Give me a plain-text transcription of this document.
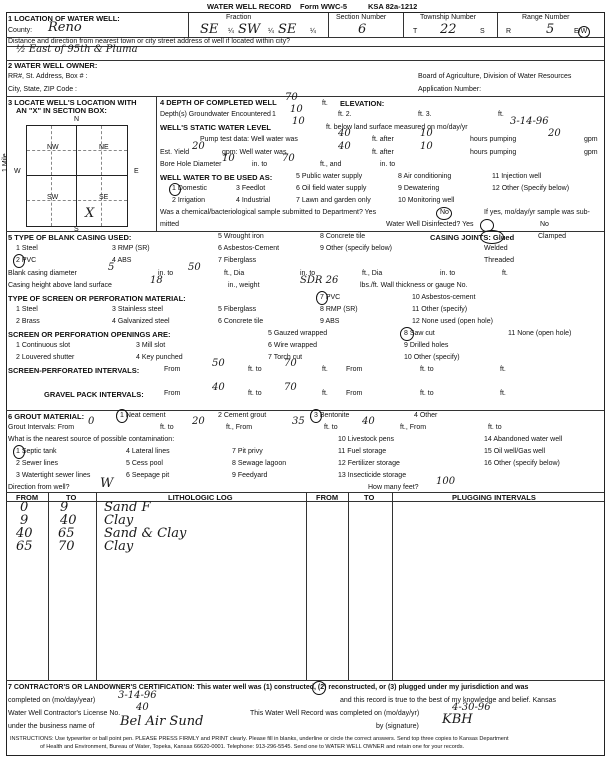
WATER WELL RECORD Form WWC-5	KSA 82a-1212
1 LOCATION OF WATER WELL:
County: Reno
Fraction
SE ¼ SW ¼ SE ¼
Section Number
6
Township Number
T 22	S
Range Number
R	5	E/W
Distance and direction from nearest town or city street address of well if located within city?
½ East of 95th & Pluma
2 WATER WELL OWNER:
RR#, St. Address, Box # :	Board of Agriculture, Division of Water Resources
City, State, ZIP Code :	Application Number:
3 LOCATE WELL'S LOCATION WITH
AN "X" IN SECTION BOX:
N
S
W	E
1 Mile
NW	NE
SW	SE
X
4 DEPTH OF COMPLETED WELL 70
ft. ELEVATION:
Depth(s) Groundwater Encountered 1 10	ft. 2.	ft. 3.	ft.
WELL'S STATIC WATER LEVEL
10
ft. below land surface measured on mo/day/yr
3-14-96
Pump test data: Well water was
40
ft. after
10
hours pumping
20
gpm
Est. Yield
20
gpm: Well water was
40
ft. after
10
hours pumping	gpm
Bore Hole Diameter
10
in. to
70
ft., and	in. to
WELL WATER TO BE USED AS:
1 Domestic
2 Irrigation
3 Feedlot
4 Industrial
5 Public water supply
6 Oil field water supply
7 Lawn and garden only
8 Air conditioning
9 Dewatering
10 Monitoring well
11 Injection well
12 Other (Specify below)
Was a chemical/bacteriological sample submitted to Department? Yes	No	If yes, mo/day/yr sample was sub-
mitted	Water Well Disinfected? Yes	No
5 TYPE OF BLANK CASING USED:
1 Steel
2 PVC
3 RMP (SR)
4 ABS
5 Wrought iron
6 Asbestos-Cement
7 Fiberglass
8 Concrete tile
9 Other (specify below)
CASING JOINTS: Glued	Clamped
Welded
Threaded
Blank casing diameter
5
in. to
50
ft., Dia	in. to	ft., Dia	in. to	ft.
Casing height above land surface	18	in., weight	SDR 26	lbs./ft. Wall thickness or gauge No.
TYPE OF SCREEN OR PERFORATION MATERIAL:
1 Steel
2 Brass
3 Stainless steel
4 Galvanized steel
5 Fiberglass
6 Concrete tile
7 PVC
8 RMP (SR)
9 ABS
10 Asbestos-cement
11 Other (specify)
12 None used (open hole)
SCREEN OR PERFORATION OPENINGS ARE:
1 Continuous slot
2 Louvered shutter
3 Mill slot
4 Key punched
5 Gauzed wrapped
6 Wire wrapped
7 Torch cut
8 Saw cut
9 Drilled holes
10 Other (specify)
11 None (open hole)
SCREEN-PERFORATED INTERVALS:	From
50
ft. to
70
ft.	From	ft. to	ft.
GRAVEL PACK INTERVALS:	From
40
ft. to
70
ft.	From	ft. to	ft.
6 GROUT MATERIAL:	1 Neat cement	2 Cement grout	3 Bentonite	4 Other
Grout Intervals: From
0
ft. to
20
ft., From
35
ft. to
40
ft., From	ft. to
What is the nearest source of possible contamination:
1 Septic tank
2 Sewer lines
3 Watertight sewer lines
4 Lateral lines
5 Cess pool
6 Seepage pit
7 Pit privy
8 Sewage lagoon
9 Feedyard
10 Livestock pens
11 Fuel storage
12 Fertilizer storage
13 Insecticide storage
14 Abandoned water well
15 Oil well/Gas well
16 Other (specify below)
Direction from well? W	How many feet?
100
FROM	TO	LITHOLOGIC LOG	FROM	TO	PLUGGING INTERVALS
0 9	Sand F
9 40 Clay
40 65 Sand & Clay
65 70 Clay
7 CONTRACTOR'S OR LANDOWNER'S CERTIFICATION: This water well was (1) constructed, (2) reconstructed, or (3) plugged under my jurisdiction and was
completed on (mo/day/year) 3-14-96	and this record is true to the best of my knowledge and belief. Kansas
Water Well Contractor's License No.
40
This Water Well Record was completed on (mo/day/yr)
4-30-96
under the business name of Bel Air Sund	by (signature) KBH
INSTRUCTIONS: Use typewriter or ball point pen. PLEASE PRESS FIRMLY and PRINT clearly. Please fill in blanks, underline or circle the correct answers. Send top three copies to Kansas Department
of Health and Environment, Bureau of Water, Topeka, Kansas 66620-0001. Telephone: 913-296-5545. Send one to WATER WELL OWNER and retain one for your records.
